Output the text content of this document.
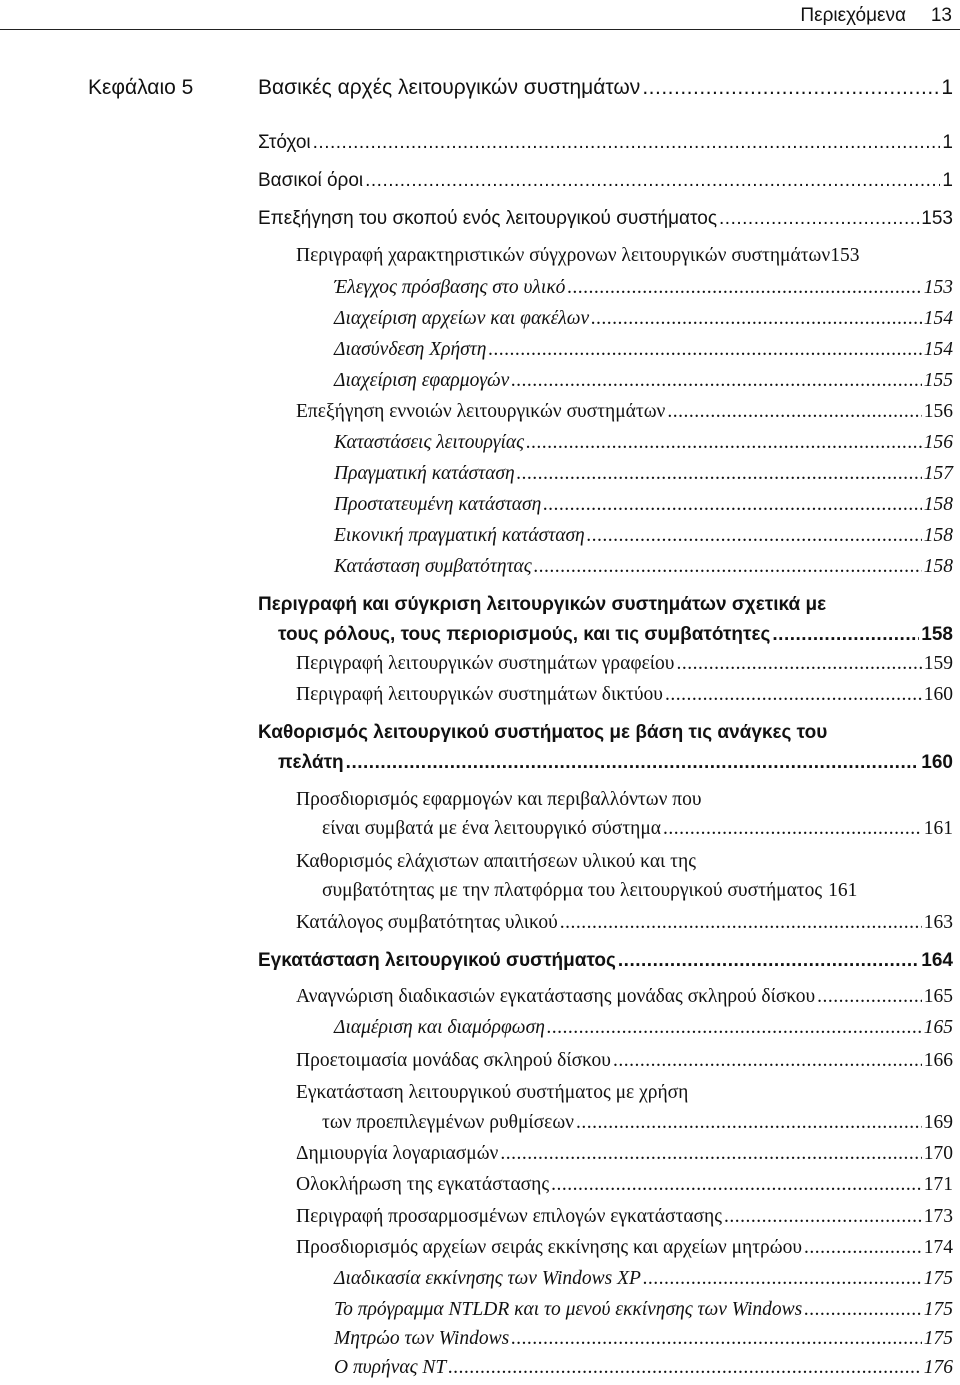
Περιεχόμενα 13
Κεφάλαιο 5	Βασικές αρχές λειτουργικών συστημάτων .....	1
Στόχοι .....	1
Βασικοί όροι .....	1
Επεξήγηση του σκοπού ενός λειτουργικού συστήματος .....	153
Περιγραφή χαρακτηριστικών σύγχρονων λειτουργικών συστημάτων 153
Έλεγχος πρόσβασης στο υλικό .....	153
Διαχείριση αρχείων και φακέλων .....	154
Διασύνδεση Χρήστη .....	154
Διαχείριση εφαρμογών .....	155
Επεξήγηση εννοιών λειτουργικών συστημάτων .....	156
Καταστάσεις λειτουργίας .....	156
Πραγματική κατάσταση .....	157
Προστατευμένη κατάσταση .....	158
Εικονική πραγματική κατάσταση .....	158
Κατάσταση συμβατότητας .....	158
Περιγραφή και σύγκριση λειτουργικών συστημάτων σχετικά με
τους ρόλους, τους περιορισμούς, και τις συμβατότητες .....	158
Περιγραφή λειτουργικών συστημάτων γραφείου .....	159
Περιγραφή λειτουργικών συστημάτων δικτύου .....	160
Καθορισμός λειτουργικού συστήματος με βάση τις ανάγκες του
πελάτη .....	160
Προσδιορισμός εφαρμογών και περιβαλλόντων που
είναι συμβατά με ένα λειτουργικό σύστημα .....	161
Καθορισμός ελάχιστων απαιτήσεων υλικού και της
συμβατότητας με την πλατφόρμα του λειτουργικού συστήματος 161
Κατάλογος συμβατότητας υλικού .....	163
Εγκατάσταση λειτουργικού συστήματος .....	164
Αναγνώριση διαδικασιών εγκατάστασης μονάδας σκληρού δίσκου .....	165
Διαμέριση και διαμόρφωση .....	165
Προετοιμασία μονάδας σκληρού δίσκου .....	166
Εγκατάσταση λειτουργικού συστήματος με χρήση
των προεπιλεγμένων ρυθμίσεων .....	169
Δημιουργία λογαριασμών .....	170
Ολοκλήρωση της εγκατάστασης .....	171
Περιγραφή προσαρμοσμένων επιλογών εγκατάστασης .....	173
Προσδιορισμός αρχείων σειράς εκκίνησης και αρχείων μητρώου .....	174
Διαδικασία εκκίνησης των Windows XP .....	175
Το πρόγραμμα NTLDR και το μενού εκκίνησης των Windows .....	175
Μητρώο των Windows .....	175
Ο πυρήνας NT .....	176
